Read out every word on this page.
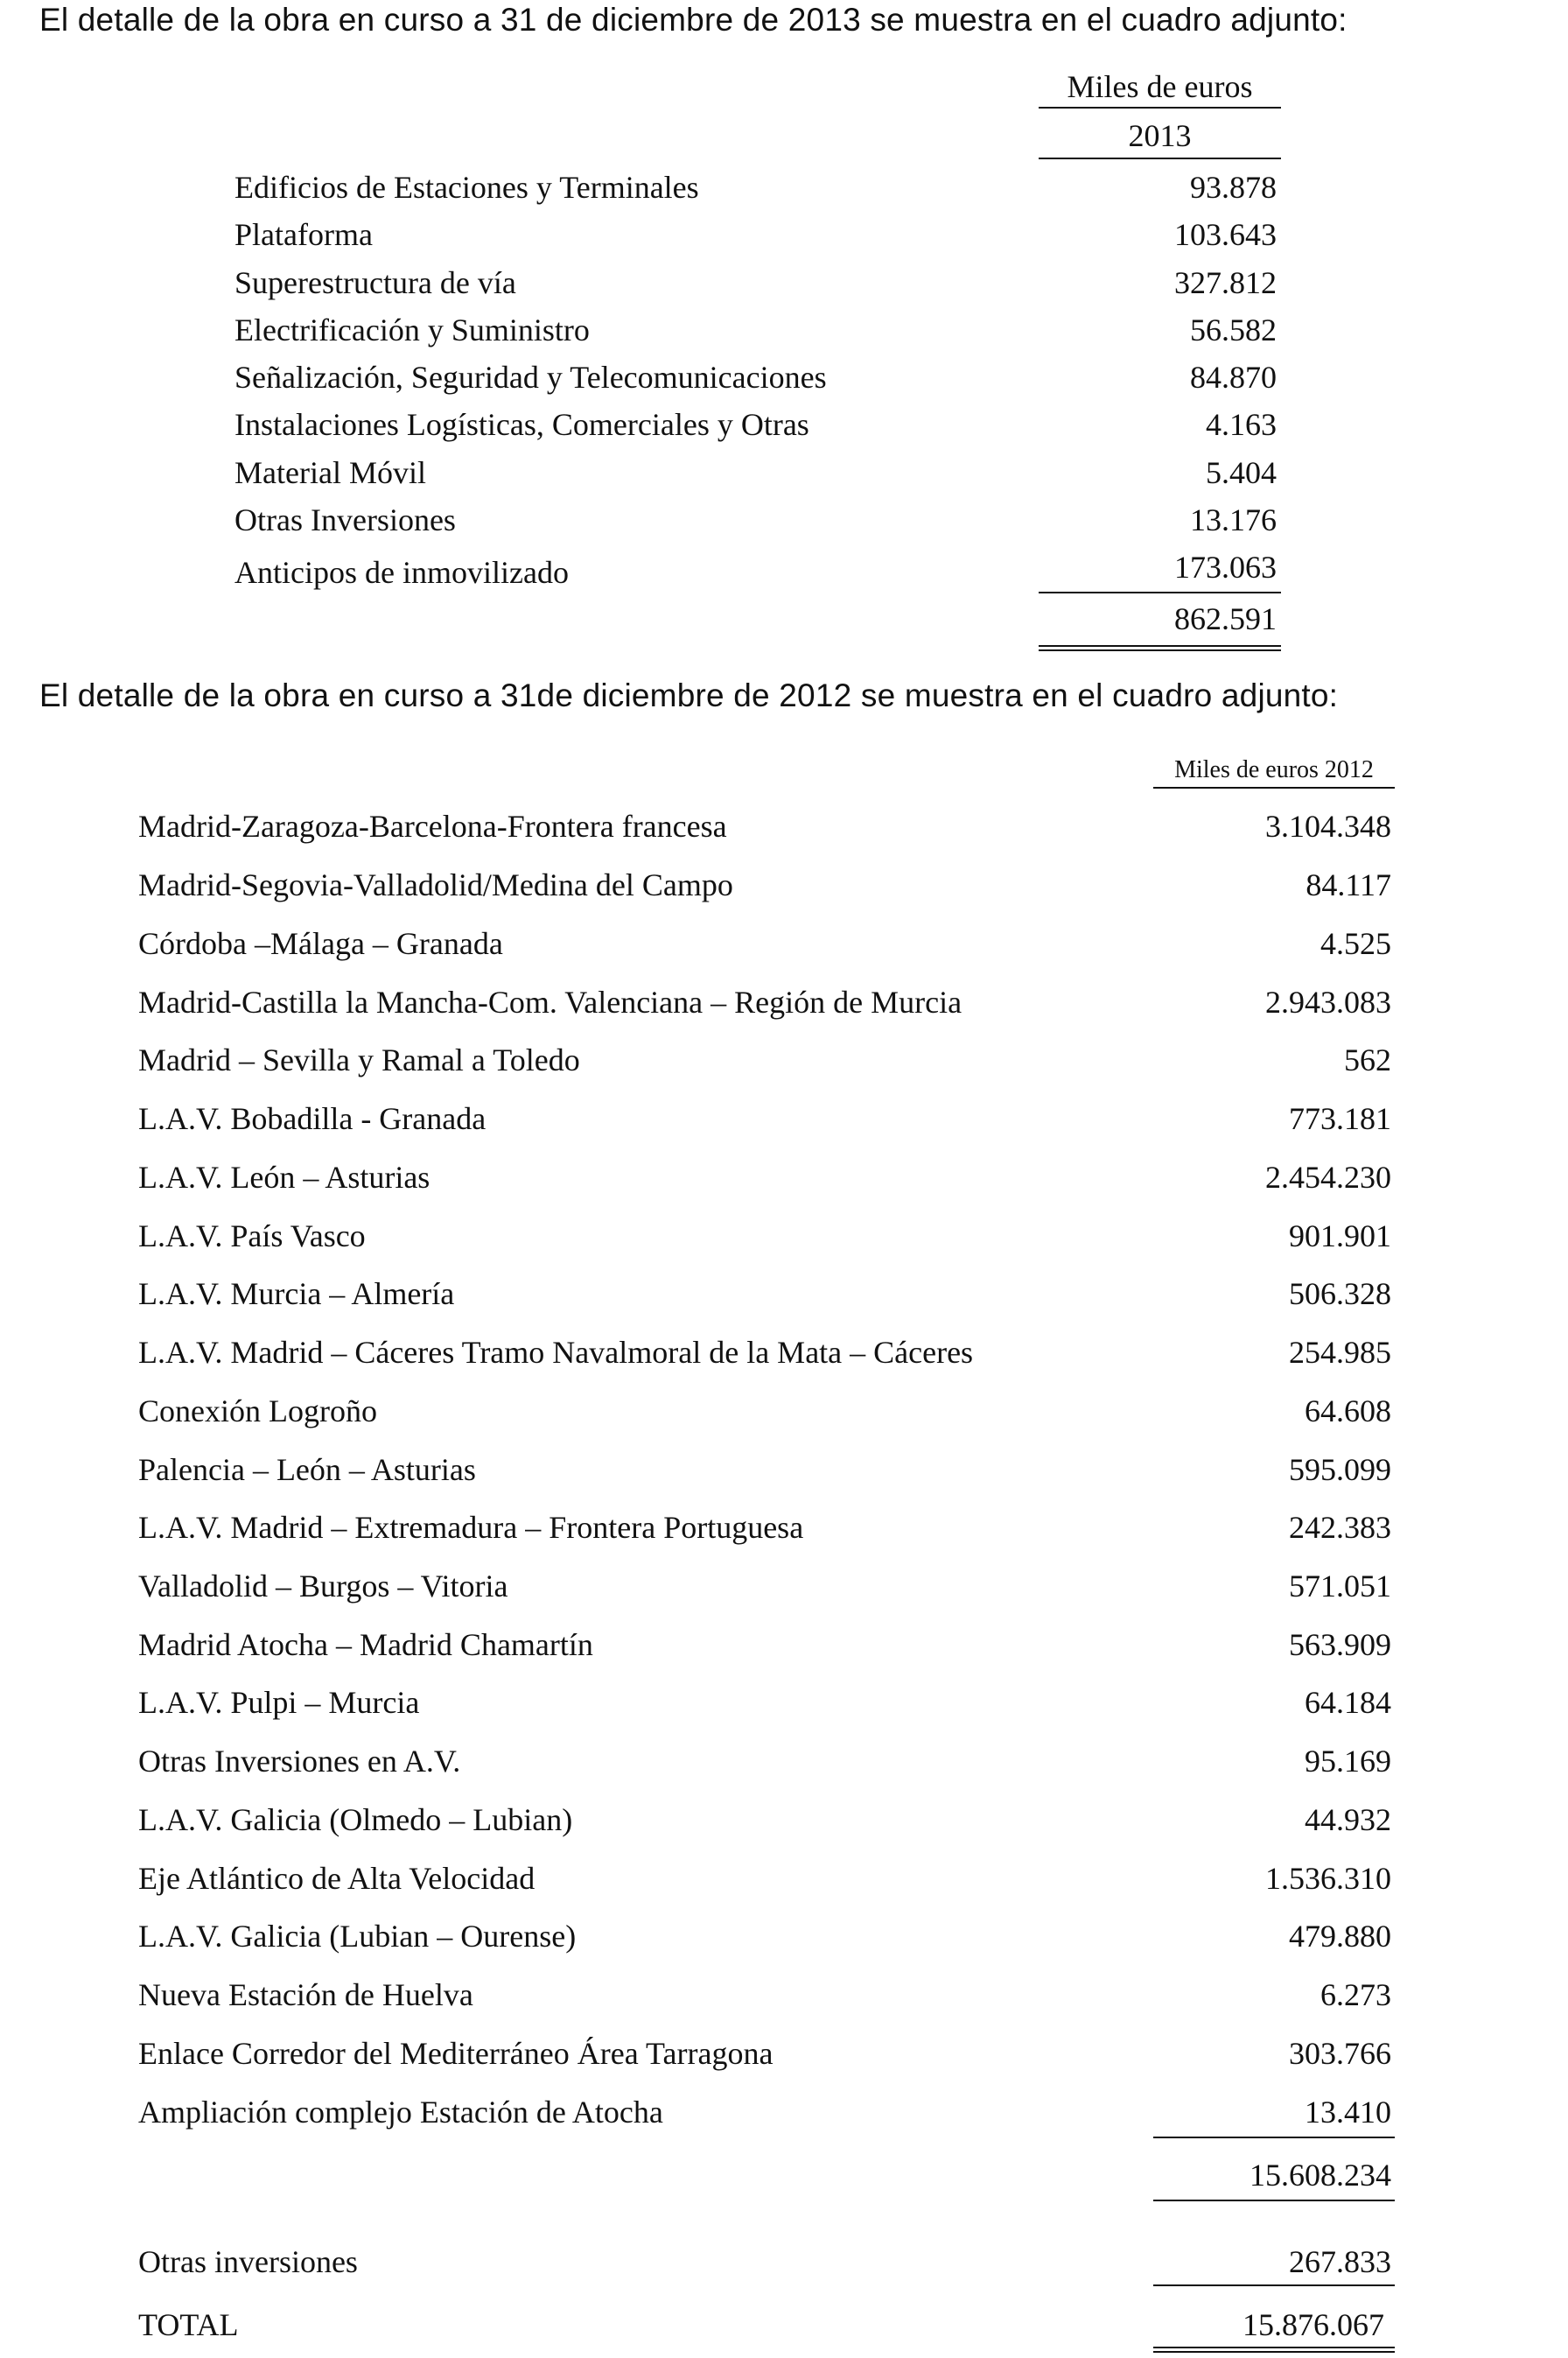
El detalle de la obra en curso a 31 de diciembre de 2013 se muestra en el cuadro adjunto:
Miles de euros
2013
Edificios de Estaciones y Terminales	93.878
Plataforma	103.643
Superestructura de vía	327.812
Electrificación y Suministro	56.582
Señalización, Seguridad y Telecomunicaciones	84.870
Instalaciones Logísticas, Comerciales y Otras	4.163
Material Móvil	5.404
Otras Inversiones	13.176
Anticipos de inmovilizado	173.063
862.591
El detalle de la obra en curso a 31de diciembre de 2012 se muestra en el cuadro adjunto:
Miles de euros 2012
Madrid-Zaragoza-Barcelona-Frontera francesa	3.104.348
Madrid-Segovia-Valladolid/Medina del Campo	84.117
Córdoba –Málaga – Granada	4.525
Madrid-Castilla la Mancha-Com. Valenciana – Región de Murcia	2.943.083
Madrid – Sevilla y Ramal a Toledo	562
L.A.V. Bobadilla - Granada	773.181
L.A.V. León – Asturias	2.454.230
L.A.V. País Vasco	901.901
L.A.V. Murcia – Almería	506.328
L.A.V. Madrid – Cáceres Tramo Navalmoral de la Mata – Cáceres	254.985
Conexión Logroño	64.608
Palencia – León – Asturias	595.099
L.A.V. Madrid – Extremadura – Frontera Portuguesa	242.383
Valladolid – Burgos – Vitoria	571.051
Madrid Atocha – Madrid Chamartín	563.909
L.A.V. Pulpi – Murcia	64.184
Otras Inversiones en A.V.	95.169
L.A.V. Galicia (Olmedo – Lubian)	44.932
Eje Atlántico de Alta Velocidad	1.536.310
L.A.V. Galicia (Lubian – Ourense)	479.880
Nueva Estación de Huelva	6.273
Enlace Corredor del Mediterráneo Área Tarragona	303.766
Ampliación complejo Estación de Atocha	13.410
15.608.234
Otras inversiones	267.833
TOTAL	15.876.067
